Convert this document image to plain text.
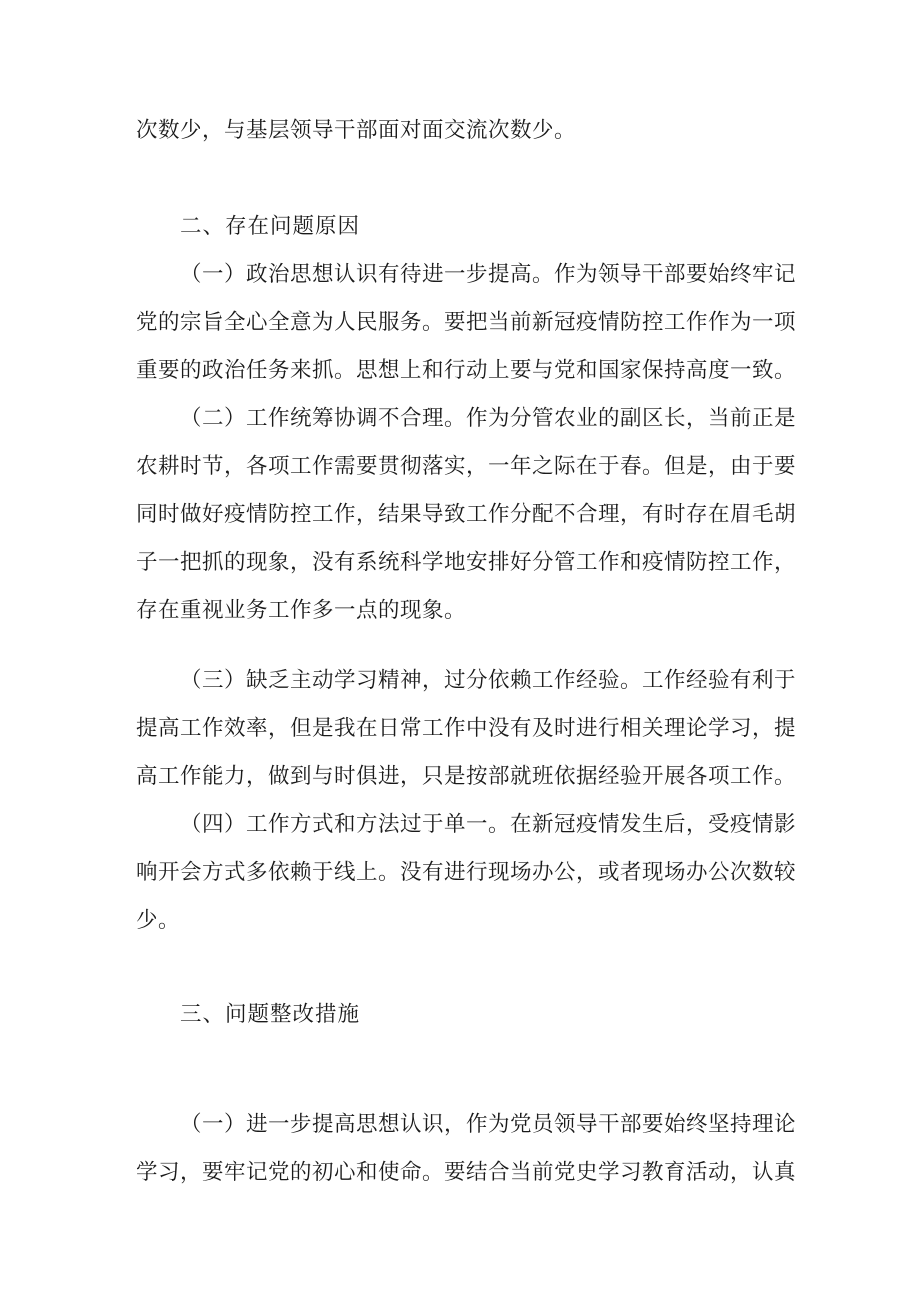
次数少，与基层领导干部面对面交流次数少。
二、存在问题原因
（一）政治思想认识有待进一步提高。作为领导干部要始终牢记
党的宗旨全心全意为人民服务。要把当前新冠疫情防控工作作为一项
重要的政治任务来抓。思想上和行动上要与党和国家保持高度一致。
（二）工作统筹协调不合理。作为分管农业的副区长，当前正是
农耕时节，各项工作需要贯彻落实，一年之际在于春。但是，由于要
同时做好疫情防控工作，结果导致工作分配不合理，有时存在眉毛胡
子一把抓的现象，没有系统科学地安排好分管工作和疫情防控工作，
存在重视业务工作多一点的现象。
（三）缺乏主动学习精神，过分依赖工作经验。工作经验有利于
提高工作效率，但是我在日常工作中没有及时进行相关理论学习，提
高工作能力，做到与时俱进，只是按部就班依据经验开展各项工作。
（四）工作方式和方法过于单一。在新冠疫情发生后，受疫情影
响开会方式多依赖于线上。没有进行现场办公，或者现场办公次数较
少。
三、问题整改措施
（一）进一步提高思想认识，作为党员领导干部要始终坚持理论
学习，要牢记党的初心和使命。要结合当前党史学习教育活动，认真
